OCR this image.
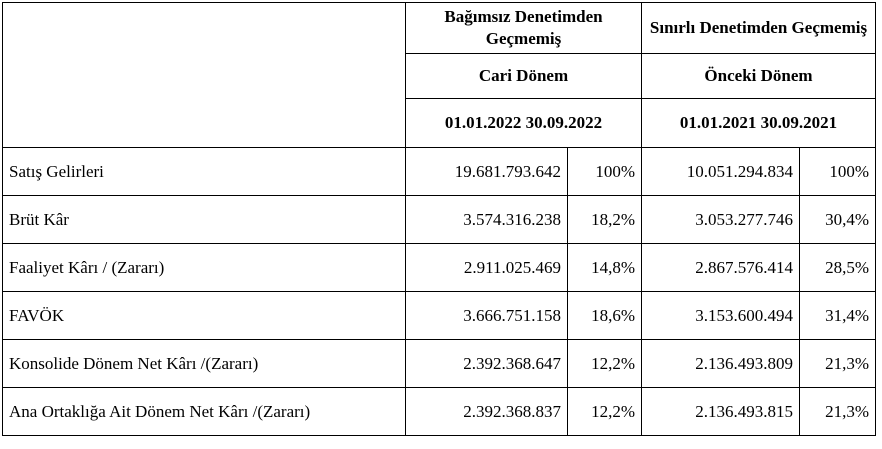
	Bağımsız Denetimden Geçmemiş		Sınırlı Denetimden Geçmemiş	
	Cari Dönem		Önceki Dönem	
	01.01.2022 30.09.2022		01.01.2021 30.09.2021	
Satış Gelirleri	19.681.793.642	100%	10.051.294.834	100%
Brüt Kâr	3.574.316.238	18,2%	3.053.277.746	30,4%
Faaliyet Kârı / (Zararı)	2.911.025.469	14,8%	2.867.576.414	28,5%
FAVÖK	3.666.751.158	18,6%	3.153.600.494	31,4%
Konsolide Dönem Net Kârı /(Zararı)	2.392.368.647	12,2%	2.136.493.809	21,3%
Ana Ortaklığa Ait Dönem Net Kârı /(Zararı)	2.392.368.837	12,2%	2.136.493.815	21,3%
